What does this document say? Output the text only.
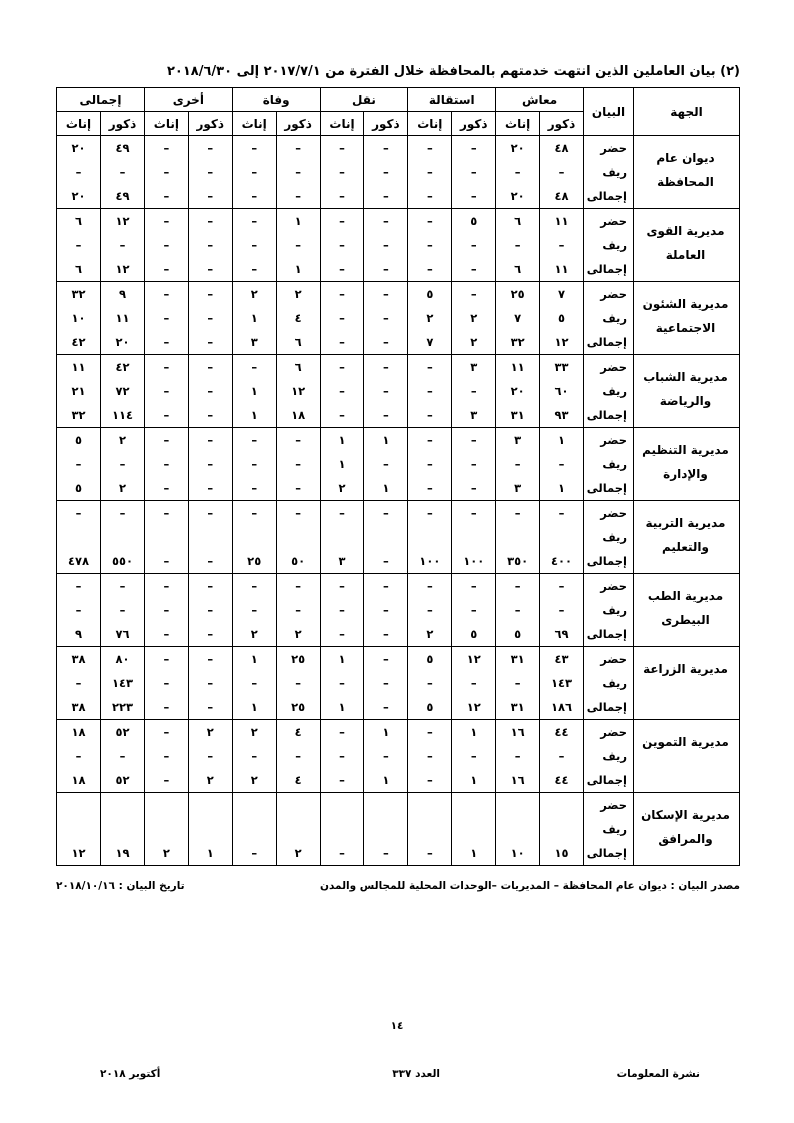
(٢) بيان العاملين الذين انتهت خدمتهم بالمحافظة خلال الفترة من ٢٠١٧/٧/١ إلى ٢٠١٨/٦/٣٠
الجهة	البيان	معاش		استقالة		نقل		وفاة		أخرى		إجمالى	
		ذكور	إناث	ذكور	إناث	ذكور	إناث	ذكور	إناث	ذكور	إناث	ذكور	إناث
ديوان عام المحافظة	حضر	٤٨	٢٠	–	–	–	–	–	–	–	–	٤٩	٢٠
	ريف	–	–	–	–	–	–	–	–	–	–	–	–
	إجمالى	٤٨	٢٠	–	–	–	–	–	–	–	–	٤٩	٢٠
مديرية القوى العاملة	حضر	١١	٦	٥	–	–	–	١	–	–	–	١٢	٦
	ريف	–	–	–	–	–	–	–	–	–	–	–	–
	إجمالى	١١	٦	–	–	–	–	١	–	–	–	١٢	٦
مديرية الشئون الاجتماعية	حضر	٧	٢٥	–	٥	–	–	٢	٢	–	–	٩	٣٢
	ريف	٥	٧	٢	٢	–	–	٤	١	–	–	١١	١٠
	إجمالى	١٢	٣٢	٢	٧	–	–	٦	٣	–	–	٢٠	٤٢
مديرية الشباب والرياضة	حضر	٣٣	١١	٣	–	–	–	٦	–	–	–	٤٢	١١
	ريف	٦٠	٢٠	–	–	–	–	١٢	١	–	–	٧٢	٢١
	إجمالى	٩٣	٣١	٣	–	–	–	١٨	١	–	–	١١٤	٣٢
مديرية التنظيم والإدارة	حضر	١	٣	–	–	١	١	–	–	–	–	٢	٥
	ريف	–	–	–	–	–	١	–	–	–	–	–	–
	إجمالى	١	٣	–	–	١	٢	–	–	–	–	٢	٥
مديرية التربية والتعليم	حضر	–	–	–	–	–	–	–	–	–	–	–	–
	ريف												
	إجمالى	٤٠٠	٣٥٠	١٠٠	١٠٠	–	٣	٥٠	٢٥	–	–	٥٥٠	٤٧٨
مديرية الطب البيطرى	حضر	–	–	–	–	–	–	–	–	–	–	–	–
	ريف	–	–	–	–	–	–	–	–	–	–	–	–
	إجمالى	٦٩	٥	٥	٢	–	–	٢	٢	–	–	٧٦	٩
مديرية الزراعة	حضر	٤٣	٣١	١٢	٥	–	١	٢٥	١	–	–	٨٠	٣٨
	ريف	١٤٣	–	–	–	–	–	–	–	–	–	١٤٣	–
	إجمالى	١٨٦	٣١	١٢	٥	–	١	٢٥	١	–	–	٢٢٣	٣٨
مديرية التموين	حضر	٤٤	١٦	١	–	١	–	٤	٢	٢	–	٥٢	١٨
	ريف	–	–	–	–	–	–	–	–	–	–	–	–
	إجمالى	٤٤	١٦	١	–	١	–	٤	٢	٢	–	٥٢	١٨
مديرية الإسكان والمرافق	حضر												
	ريف												
	إجمالى	١٥	١٠	١	–	–	–	٢	–	١	٢	١٩	١٢
مصدر البيان : ديوان عام المحافظة – المديريات –الوحدات المحلية للمجالس والمدن
تاريخ البيان : ٢٠١٨/١٠/١٦
١٤
نشرة المعلومات
العدد ٣٣٧
أكتوبر ٢٠١٨
